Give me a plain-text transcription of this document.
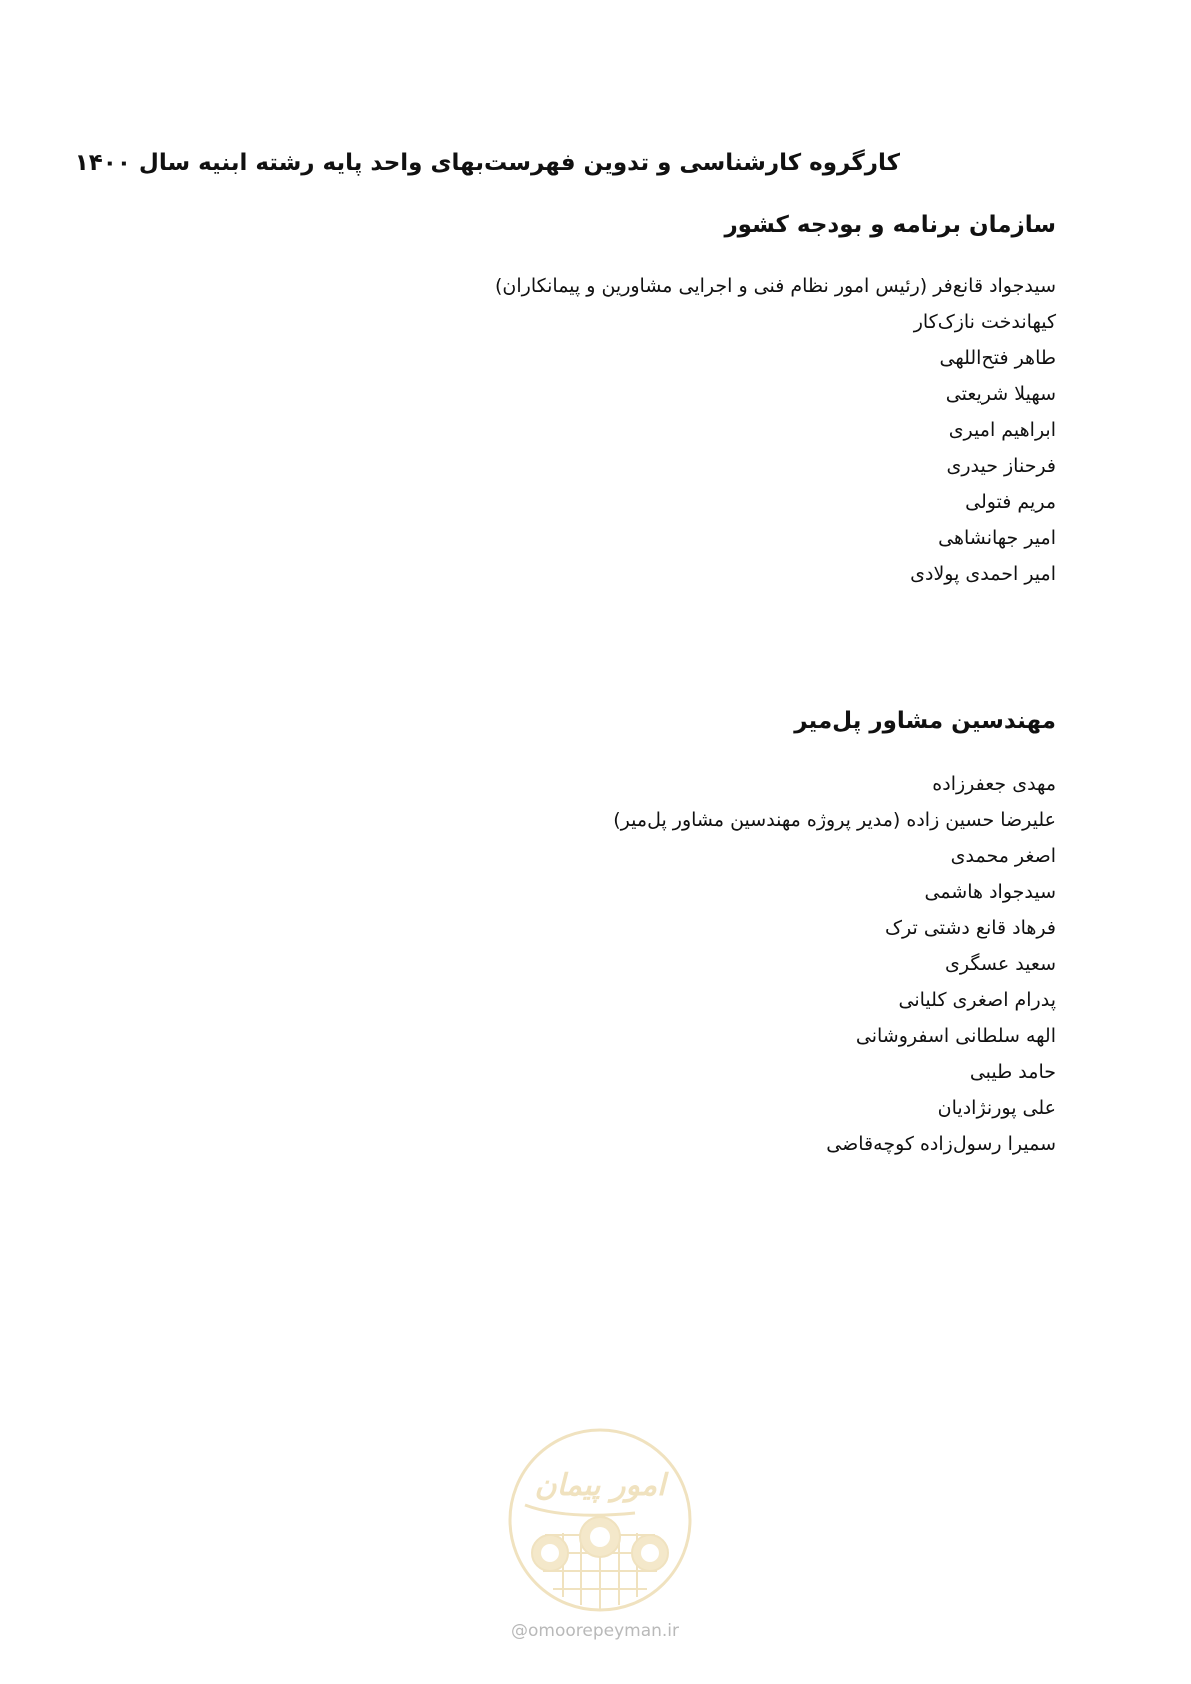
کارگروه کارشناسی و تدوین فهرست‌بهای واحد پایه رشته ابنیه سال ۱۴۰۰
سازمان برنامه و بودجه کشور
سیدجواد قانع‌فر (رئیس امور نظام فنی و اجرایی مشاورین و پیمانکاران)
کیهاندخت نازک‌کار
طاهر فتح‌اللهی
سهیلا شریعتی
ابراهیم امیری
فرحناز حیدری
مریم فتولی
امیر جهانشاهی
امیر احمدی پولادی
مهندسین مشاور پل‌میر
مهدی جعفرزاده
علیرضا حسین زاده (مدیر پروژه مهندسین مشاور پل‌میر)
اصغر محمدی
سیدجواد هاشمی
فرهاد قانع دشتی ترک
سعید عسگری
پدرام اصغری کلیانی
الهه سلطانی اسفروشانی
حامد طیبی
علی پورنژادیان
سمیرا رسول‌زاده کوچه‌قاضی
امور پیمان
@omoorepeyman.ir
